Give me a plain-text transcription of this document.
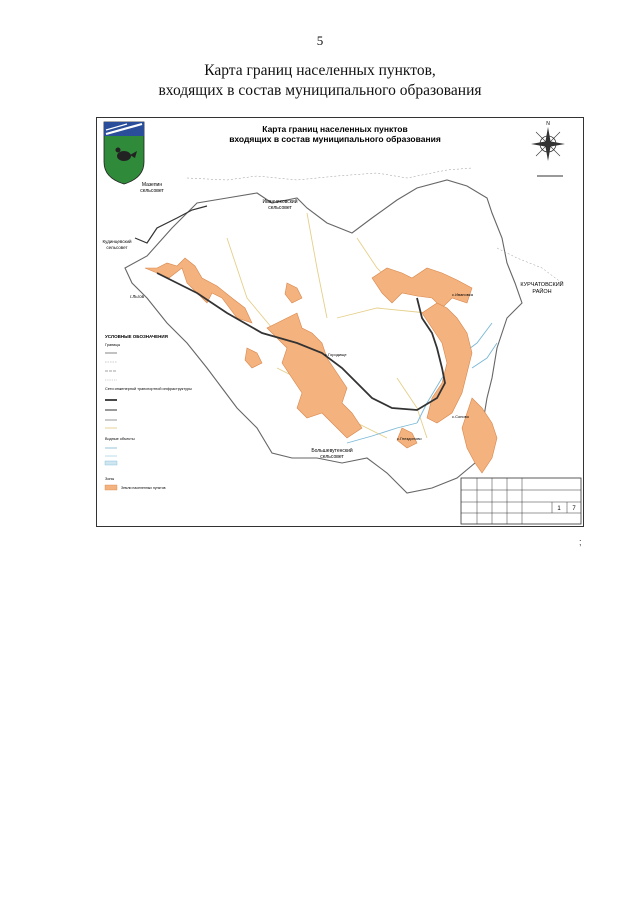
5
Карта границ населенных пунктов,
входящих в состав муниципального образования
Карта границ населенных пунктов
входящих в состав муниципального образования
N
Мазепин
сельсовет
Иванчиковский
сельсовет
КУРЧАТОВСКИЙ
РАЙОН
Большевутенский
сельсовет
Кудинцевский
сельсовет
г.Льгов
с.Городище
с.Ивановка
с.Гнездилово
с.Сопово
УСЛОВНЫЕ ОБОЗНАЧЕНИЯ
Границы
Сети инженерной транспортной инфраструктуры
Водные объекты
Зоны
Земли населенных пунктов
1 7
;
